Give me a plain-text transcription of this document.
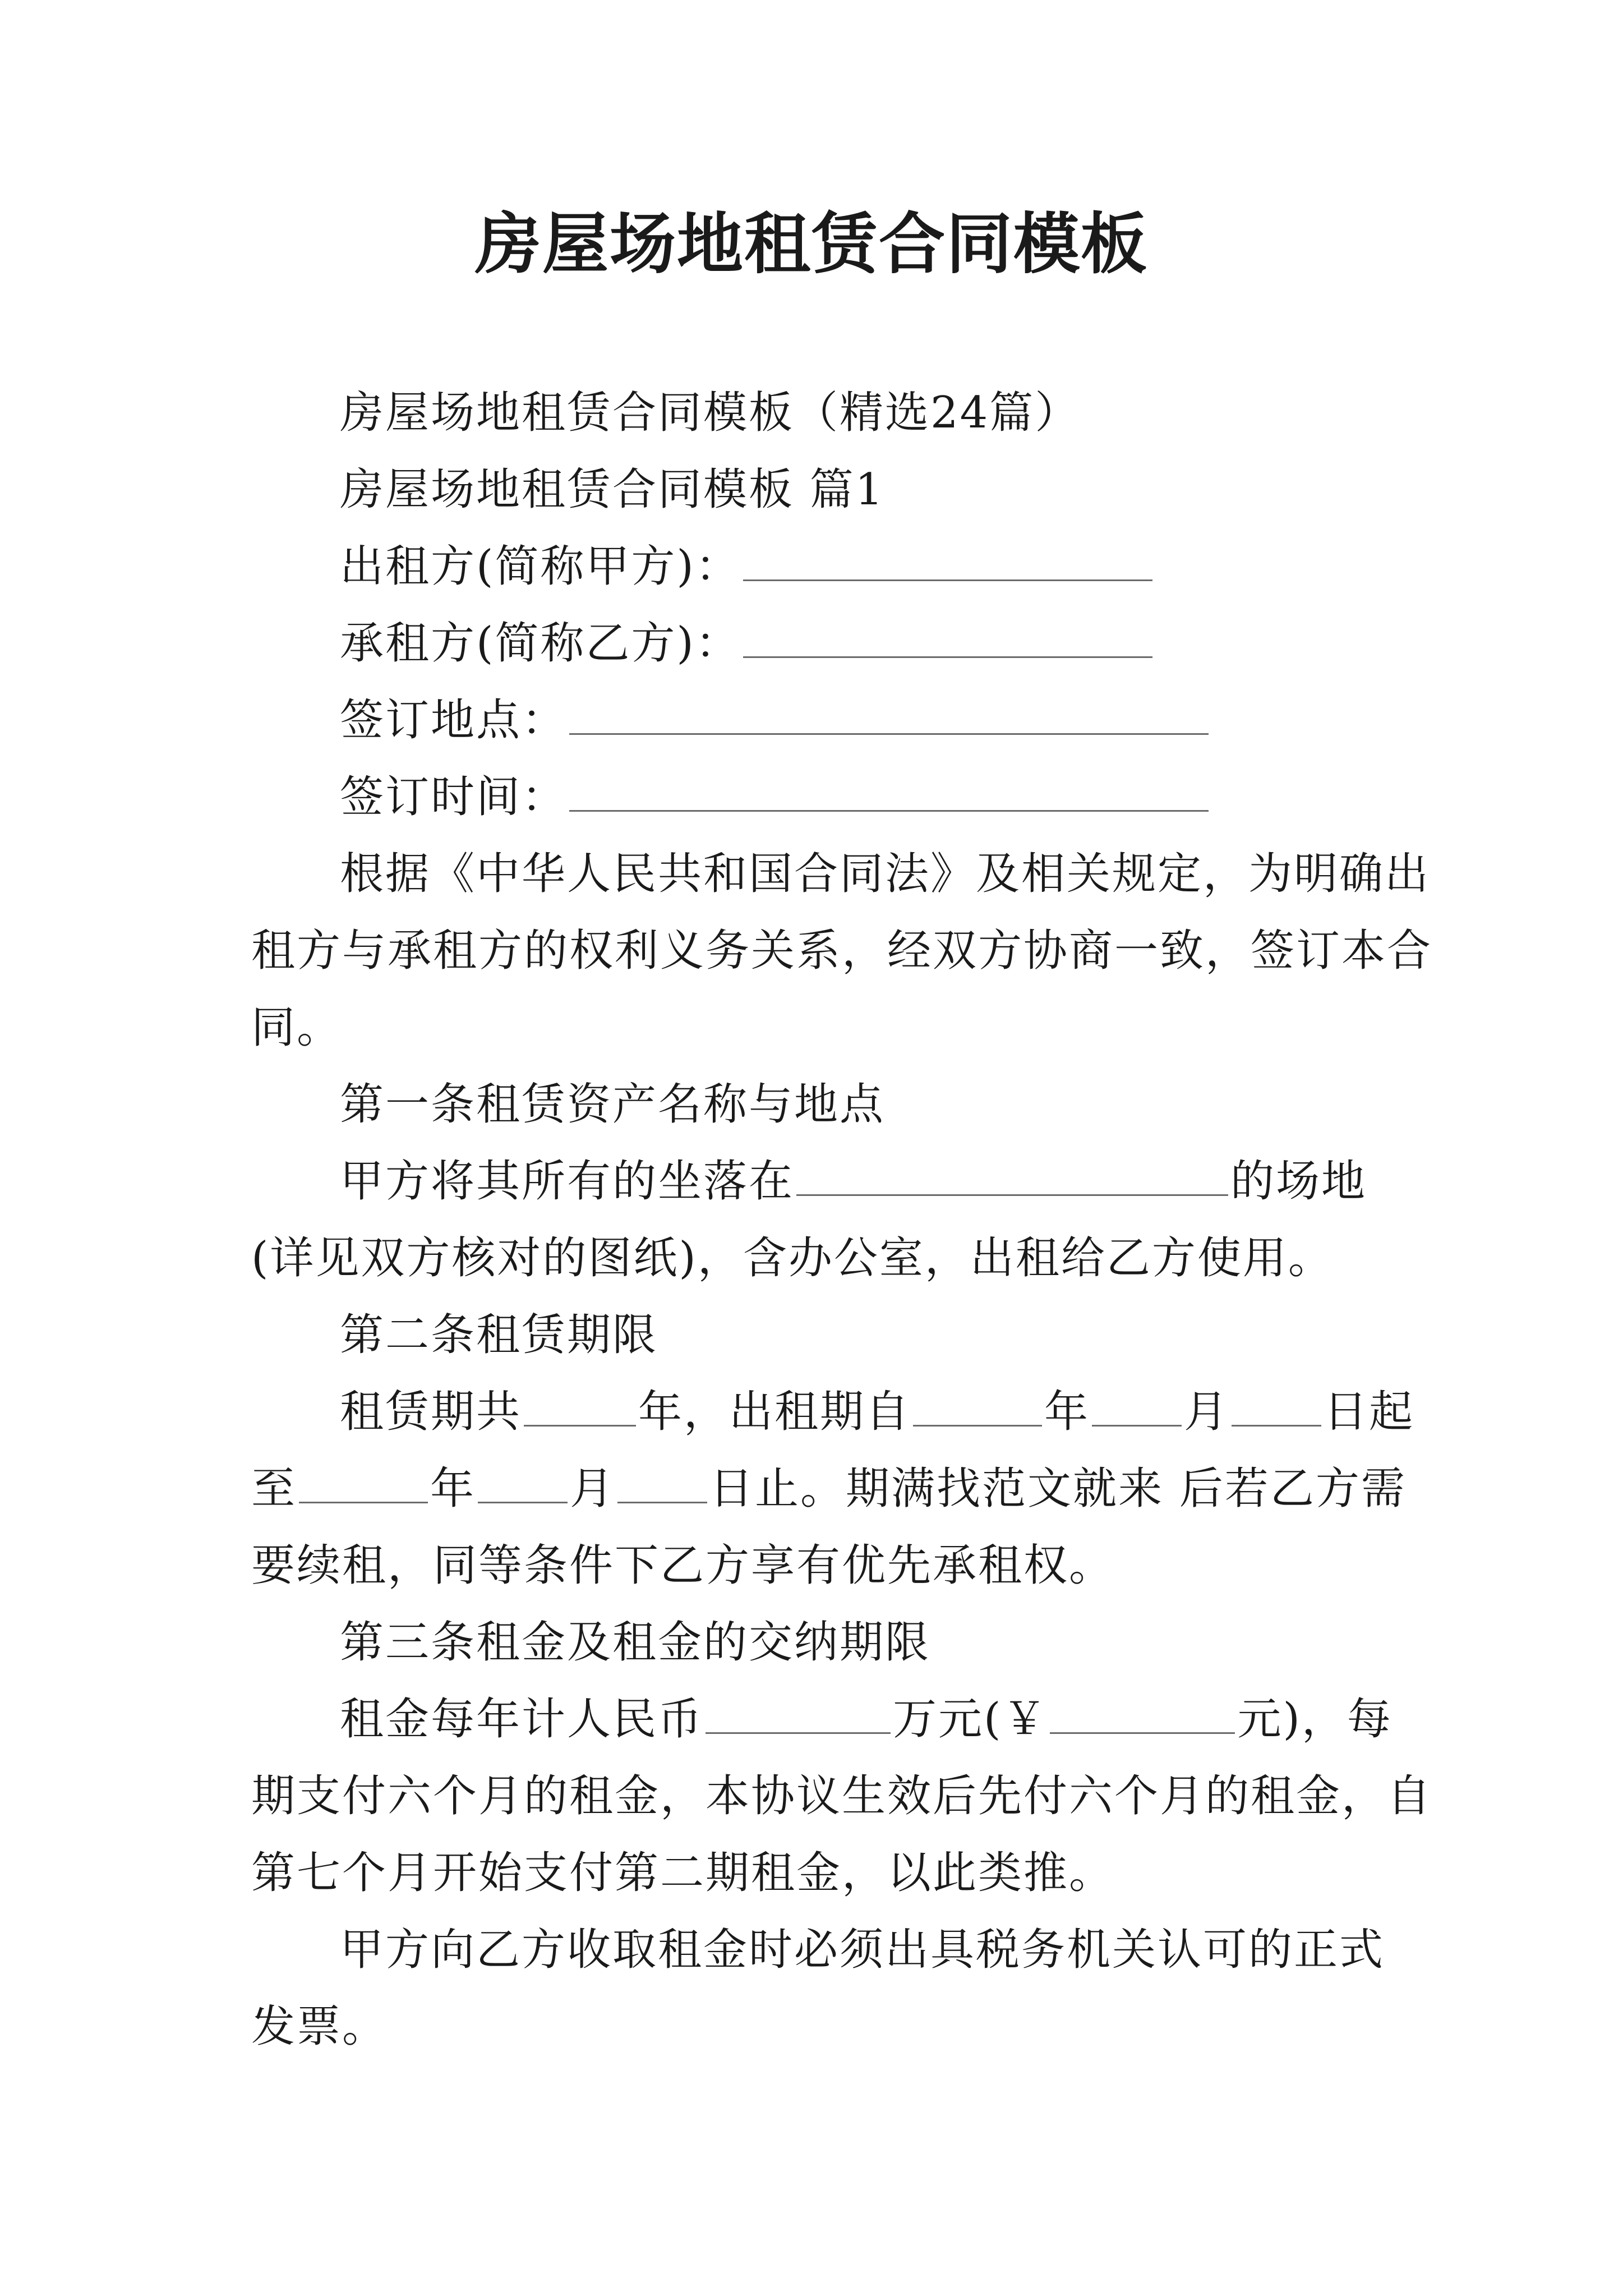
房屋场地租赁合同模板
房屋场地租赁合同模板（精选24篇）
房屋场地租赁合同模板 篇1
出租方(简称甲方)：
承租方(简称乙方)：
签订地点：
签订时间：
根据《中华人民共和国合同法》及相关规定，为明确出
租方与承租方的权利义务关系，经双方协商一致，签订本合
同。
第一条租赁资产名称与地点
甲方将其所有的坐落在	的场地
(详见双方核对的图纸)，含办公室，出租给乙方使用。
第二条租赁期限
租赁期共	年，出租期自	年 月 日起
至	年 月 日止。期满找范文就来 后若乙方需
要续租，同等条件下乙方享有优先承租权。
第三条租金及租金的交纳期限
租金每年计人民币	万元(￥	元)，每
期支付六个月的租金，本协议生效后先付六个月的租金，自
第七个月开始支付第二期租金，以此类推。
甲方向乙方收取租金时必须出具税务机关认可的正式
发票。
